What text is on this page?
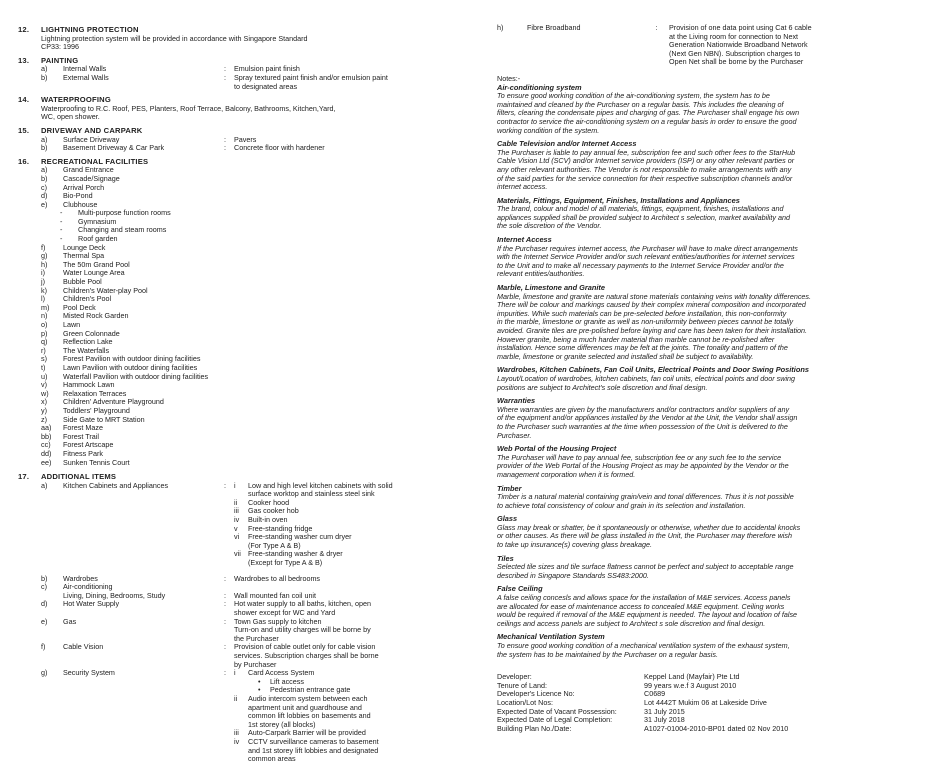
12.	LIGHTNING PROTECTION
Lightning protection system will be provided in accordance with Singapore Standard
CP33: 1996
13.	PAINTING
a)	Internal Walls	:	Emulsion paint finish
b)	External Walls	:	Spray textured paint finish and/or emulsion paint
to designated areas
14.	WATERPROOFING
Waterproofing to R.C. Roof, PES, Planters, Roof Terrace, Balcony, Bathrooms, Kitchen,Yard,
WC, open shower.
15.	DRIVEWAY AND CARPARK
a)	Surface Driveway	:	Pavers
b)	Basement Driveway & Car Park	:	Concrete floor with hardener
16.	RECREATIONAL FACILITIES
a)	Grand Entrance
b)	Cascade/Signage
c)	Arrival Porch
d)	Bio-Pond
e)	Clubhouse
-	Multi-purpose function rooms
-	Gymnasium
-	Changing and steam rooms
-	Roof garden
f)	Lounge Deck
g)	Thermal Spa
h)	The 50m Grand Pool
i)	Water Lounge Area
j)	Bubble Pool
k)	Children's Water-play Pool
l)	Children's Pool
m)	Pool Deck
n)	Misted Rock Garden
o)	Lawn
p)	Green Colonnade
q)	Reflection Lake
r)	The Waterfalls
s)	Forest Pavilion with outdoor dining facilities
t)	Lawn Pavilion with outdoor dining facilities
u)	Waterfall Pavilion with outdoor dining facilities
v)	Hammock Lawn
w)	Relaxation Terraces
x)	Children' Adventure Playground
y)	Toddlers' Playground
z)	Side Gate to MRT Station
aa)	Forest Maze
bb)	Forest Trail
cc)	Forest Artscape
dd)	Fitness Park
ee)	Sunken Tennis Court
17.	ADDITIONAL ITEMS
a)	Kitchen Cabinets and Appliances	:	i	Low and high level kitchen cabinets with solid
surface worktop and stainless steel sink
ii	Cooker hood
iii	Gas cooker hob
iv	Built-in oven
v	Free-standing fridge
vi	Free-standing washer cum dryer
(For Type A & B)
vii	Free-standing washer & dryer
(Except for Type A & B)
b)	Wardrobes	:	Wardrobes to all bedrooms
c)	Air-conditioning
Living, Dining, Bedrooms, Study	:	Wall mounted fan coil unit
d)	Hot Water Supply	:	Hot water supply to all baths, kitchen, open
shower except for WC and Yard
e)	Gas	:	Town Gas supply to kitchen
Turn-on and utility charges will be borne by
the Purchaser
f)	Cable Vision	:	Provision of cable outlet only for cable vision
services. Subscription charges shall be borne
by Purchaser
g)	Security System	:	i	Card Access System
•	Lift access
•	Pedestrian entrance gate
ii	Audio intercom system between each
apartment unit and guardhouse and
common lift lobbies on basements and
1st storey (all blocks)
iii	Auto-Carpark Barrier will be provided
iv	CCTV surveillance cameras to basement
and 1st storey lift lobbies and designated
common areas
h)	Fibre Broadband	:	Provision of one data point using Cat 6 cable
at the Living room for connection to Next
Generation Nationwide Broadband Network
(Next Gen NBN). Subscription charges to
Open Net shall be borne by the Purchaser
Notes:-
Air-conditioning system
To ensure good working condition of the air-conditioning system, the system has to be
maintained and cleaned by the Purchaser on a regular basis. This includes the cleaning of
filters, clearing the condensate pipes and charging of gas. The Purchaser shall engage his own
contractor to service the air-conditioning system on a regular basis in order to ensure the good
working condition of the system.
Cable Television and/or Internet Access
The Purchaser is liable to pay annual fee, subscription fee and such other fees to the StarHub
Cable Vision Ltd (SCV) and/or Internet service providers (ISP) or any other relevant parties or
any other relevant authorities. The Vendor is not responsible to make arrangements with any
of the said parties for the service connection for their respective subscription channels and/or
internet access.
Materials, Fittings, Equipment, Finishes, Installations and Appliances
The brand, colour and model of all materials, fittings, equipment, finishes, installations and
appliances supplied shall be provided subject to Architect s selection, market availability and
the sole discretion of the Vendor.
Internet Access
If the Purchaser requires internet access, the Purchaser will have to make direct arrangements
with the Internet Service Provider and/or such relevant entities/authorities for internet services
to the Unit and to make all necessary payments to the Internet Service Provider and/or the
relevant entities/authorities.
Marble, Limestone and Granite
Marble, limestone and granite are natural stone materials containing veins with tonality differences.
There will be colour and markings caused by their complex mineral composition and incorporated
impurities. While such materials can be pre-selected before installation, this non-conformity
in the marble, limestone or granite as well as non-uniformity between pieces cannot be totally
avoided. Granite tiles are pre-polished before laying and care has been taken for their installation.
However granite, being a much harder material than marble cannot be re-polished after
installation. Hence some differences may be felt at the joints. The tonality and pattern of the
marble, limestone or granite selected and installed shall be subject to availability.
Wardrobes, Kitchen Cabinets, Fan Coil Units, Electrical Points and Door Swing Positions
Layout/Location of wardrobes, kitchen cabinets, fan coil units, electrical points and door swing
positions are subject to Architect's sole discretion and final design.
Warranties
Where warranties are given by the manufacturers and/or contractors and/or suppliers of any
of the equipment and/or appliances installed by the Vendor at the Unit, the Vendor shall assign
to the Purchaser such warranties at the time when possession of the Unit is delivered to the
Purchaser.
Web Portal of the Housing Project
The Purchaser will have to pay annual fee, subscription fee or any such fee to the service
provider of the Web Portal of the Housing Project as may be appointed by the Vendor or the
management corporation when it is formed.
Timber
Timber is a natural material containing grain/vein and tonal differences. Thus it is not possible
to achieve total consistency of colour and grain in its selection and installation.
Glass
Glass may break or shatter, be it spontaneously or otherwise, whether due to accidental knocks
or other causes. As there will be glass installed in the Unit, the Purchaser may therefore wish
to take up insurance(s) covering glass breakage.
Tiles
Selected tile sizes and tile surface flatness cannot be perfect and subject to acceptable range
described in Singapore Standards SS483:2000.
False Ceiling
A false ceiling concesls and allows space for the installation of M&E services. Access panels
are allocated for ease of maintenance access to concealed M&E equipment. Ceiling works
would be required if removal of the M&E equipment is needed. The layout and location of false
ceilings and access panels are subject to Architect s sole discretion and final design.
Mechanical Ventilation System
To ensure good working condition of a mechanical ventilation system of the exhaust system,
the system has to be maintained by the Purchaser on a regular basis.
Developer:	Keppel Land (Mayfair) Pte Ltd
Tenure of Land:	99 years w.e.f 3 August 2010
Developer's Licence No:	C0689
Location/Lot Nos:	Lot 4442T Mukim 06 at Lakeside Drive
Expected Date of Vacant Possession:	31 July 2015
Expected Date of Legal Completion:	31 July 2018
Building Plan No./Date:	A1027-01004-2010-BP01 dated 02 Nov 2010
